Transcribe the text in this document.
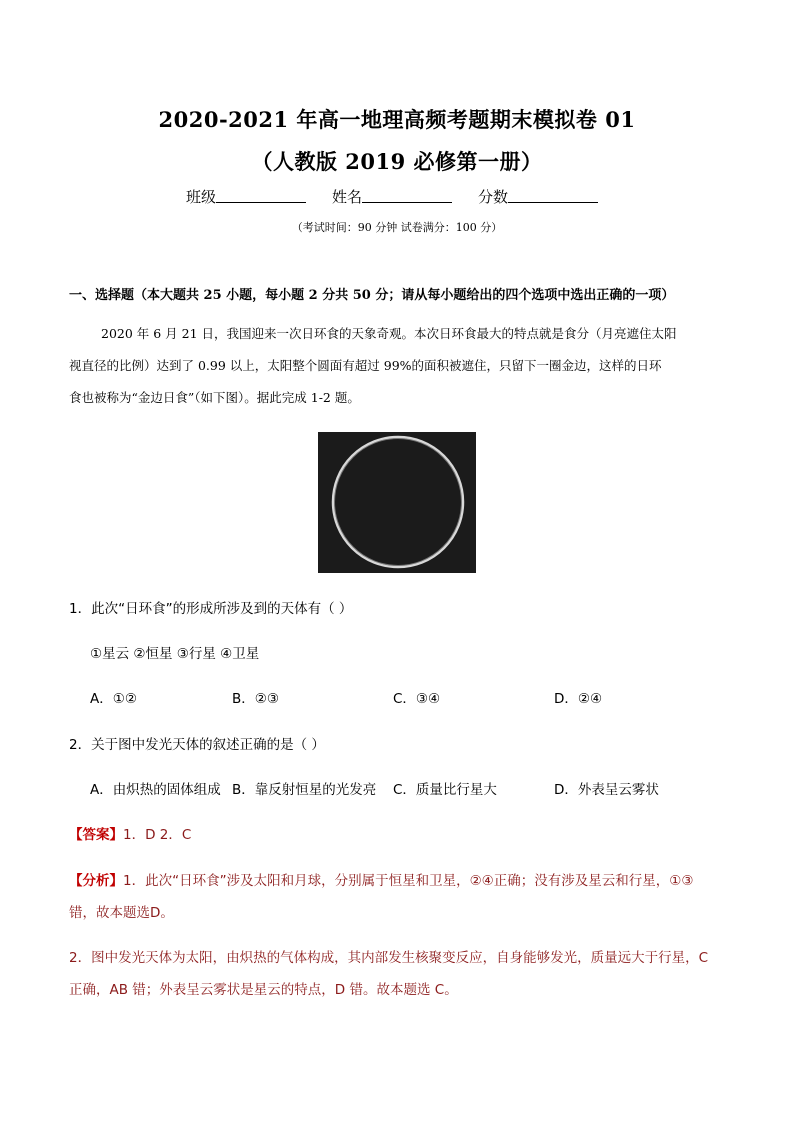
2020-2021 年高一地理高频考题期末模拟卷 01
（人教版 2019 必修第一册）
班级	姓名	分数
（考试时间：90 分钟 试卷满分：100 分）
一、选择题（本大题共 25 小题，每小题 2 分共 50 分；请从每小题给出的四个选项中选出正确的一项）

2020 年 6 月 21 日，我国迎来一次日环食的天象奇观。本次日环食最大的特点就是食分（月亮遮住太阳

视直径的比例）达到了 0.99 以上，太阳整个圆面有超过 99%的面积被遮住，只留下一圈金边，这样的日环

食也被称为“金边日食”（如下图）。据此完成 1-2 题。

1．此次“日环食”的形成所涉及到的天体有（ ）
①星云 ②恒星 ③行星 ④卫星
A．①②	B．②③	C．③④	D．②④
2．关于图中发光天体的叙述正确的是（ ）
A．由炽热的固体组成 B．靠反射恒星的光发亮 C．质量比行星大	D．外表呈云雾状
【答案】1．D 2．C
【分析】1．此次“日环食”涉及太阳和月球，分别属于恒星和卫星，②④正确；没有涉及星云和行星，①③
错，故本题选D。
2．图中发光天体为太阳，由炽热的气体构成，其内部发生核聚变反应，自身能够发光，质量远大于行星，C
正确，AB 错；外表呈云雾状是星云的特点，D 错。故本题选 C。
